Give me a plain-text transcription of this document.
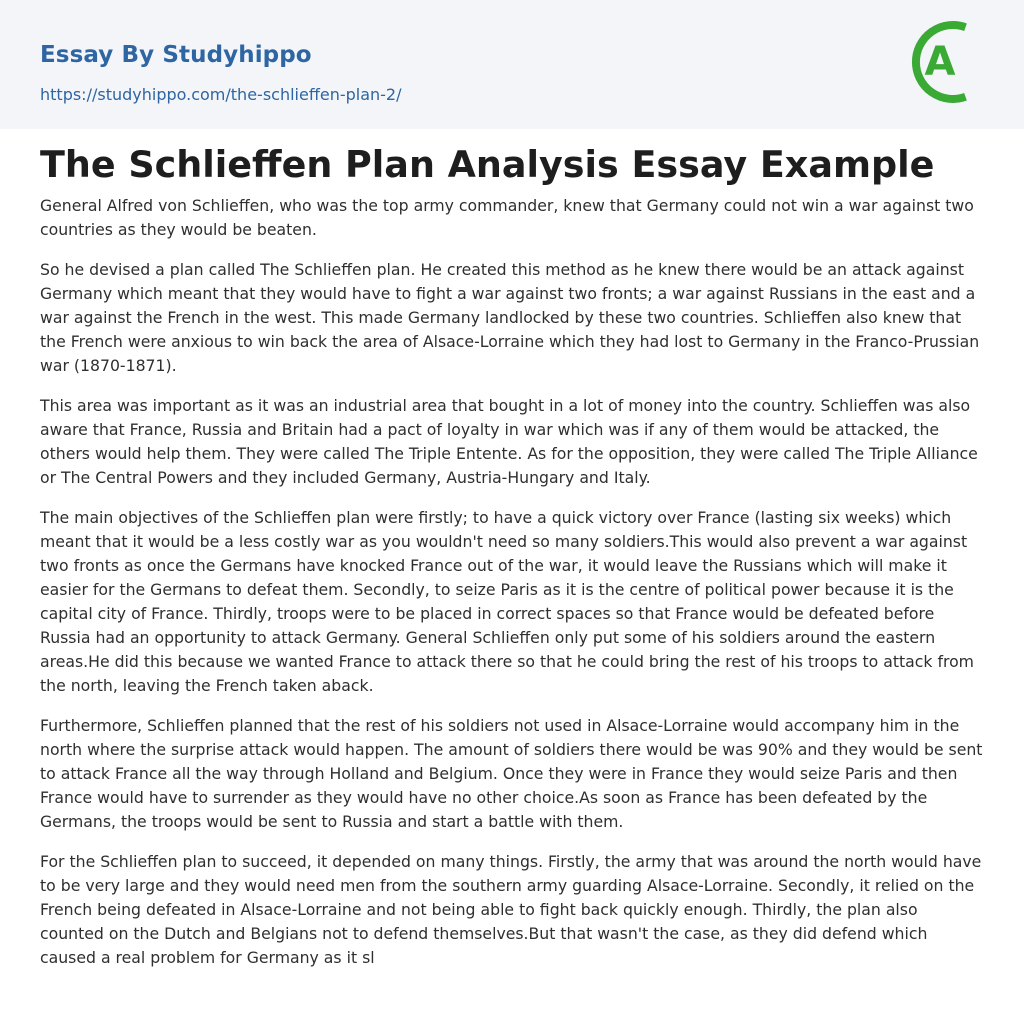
Essay By Studyhippo
https://studyhippo.com/the-schlieffen-plan-2/
A
The Schlieffen Plan Analysis Essay Example

General Alfred von Schlieffen, who was the top army commander, knew that Germany could not win a war against two countries as they would be beaten.

So he devised a plan called The Schlieffen plan. He created this method as he knew there would be an attack against Germany which meant that they would have to fight a war against two fronts; a war against Russians in the east and a war against the French in the west. This made Germany landlocked by these two countries. Schlieffen also knew that the French were anxious to win back the area of Alsace-Lorraine which they had lost to Germany in the Franco-Prussian war (1870-1871).

This area was important as it was an industrial area that bought in a lot of money into the country. Schlieffen was also aware that France, Russia and Britain had a pact of loyalty in war which was if any of them would be attacked, the others would help them. They were called The Triple Entente. As for the opposition, they were called The Triple Alliance or The Central Powers and they included Germany, Austria-Hungary and Italy.

The main objectives of the Schlieffen plan were firstly; to have a quick victory over France (lasting six weeks) which meant that it would be a less costly war as you wouldn't need so many soldiers.This would also prevent a war against two fronts as once the Germans have knocked France out of the war, it would leave the Russians which will make it easier for the Germans to defeat them. Secondly, to seize Paris as it is the centre of political power because it is the capital city of France. Thirdly, troops were to be placed in correct spaces so that France would be defeated before Russia had an opportunity to attack Germany. General Schlieffen only put some of his soldiers around the eastern areas.He did this because we wanted France to attack there so that he could bring the rest of his troops to attack from the north, leaving the French taken aback.

Furthermore, Schlieffen planned that the rest of his soldiers not used in Alsace-Lorraine would accompany him in the north where the surprise attack would happen. The amount of soldiers there would be was 90% and they would be sent to attack France all the way through Holland and Belgium. Once they were in France they would seize Paris and then France would have to surrender as they would have no other choice.As soon as France has been defeated by the Germans, the troops would be sent to Russia and start a battle with them.

For the Schlieffen plan to succeed, it depended on many things. Firstly, the army that was around the north would have to be very large and they would need men from the southern army guarding Alsace-Lorraine. Secondly, it relied on the French being defeated in Alsace-Lorraine and not being able to fight back quickly enough. Thirdly, the plan also counted on the Dutch and Belgians not to defend themselves.But that wasn't the case, as they did defend which caused a real problem for Germany as it sl
